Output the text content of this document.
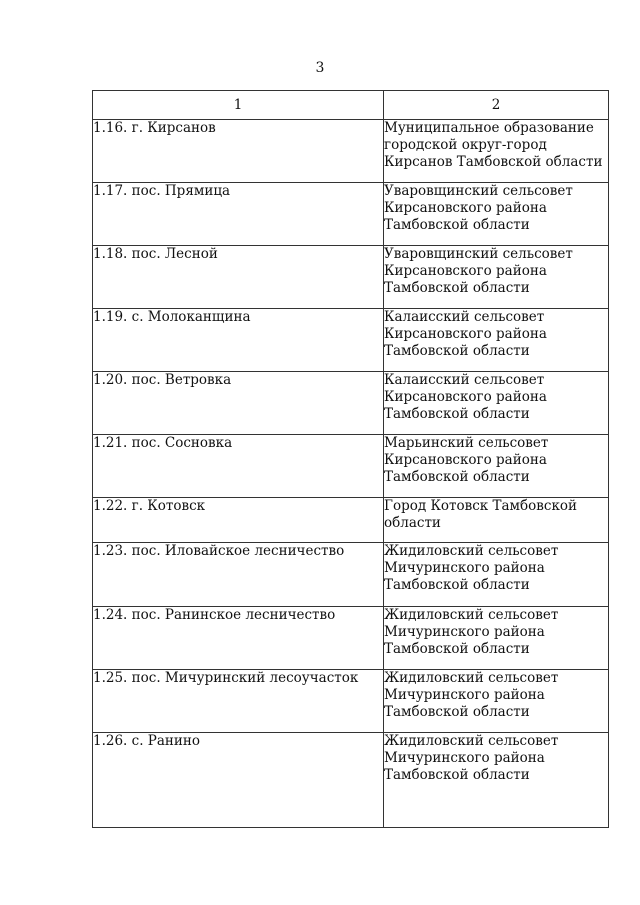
3
1	2

1.16. г. Кирсанов	Муниципальное образование
городской округ-город
Кирсанов Тамбовской области

1.17. пос. Прямица	Уваровщинский сельсовет
Кирсановского района
Тамбовской области

1.18. пос. Лесной	Уваровщинский сельсовет
Кирсановского района
Тамбовской области

1.19. с. Молоканщина	Калаисский сельсовет
Кирсановского района
Тамбовской области

1.20. пос. Ветровка	Калаисский сельсовет
Кирсановского района
Тамбовской области

1.21. пос. Сосновка	Марьинский сельсовет
Кирсановского района
Тамбовской области

1.22. г. Котовск	Город Котовск Тамбовской
области

1.23. пос. Иловайское лесничество	Жидиловский сельсовет
Мичуринского района
Тамбовской области

1.24. пос. Ранинское лесничество	Жидиловский сельсовет
Мичуринского района
Тамбовской области

1.25. пос. Мичуринский лесоучасток	Жидиловский сельсовет
Мичуринского района
Тамбовской области

1.26. с. Ранино	Жидиловский сельсовет
Мичуринского района
Тамбовской области
